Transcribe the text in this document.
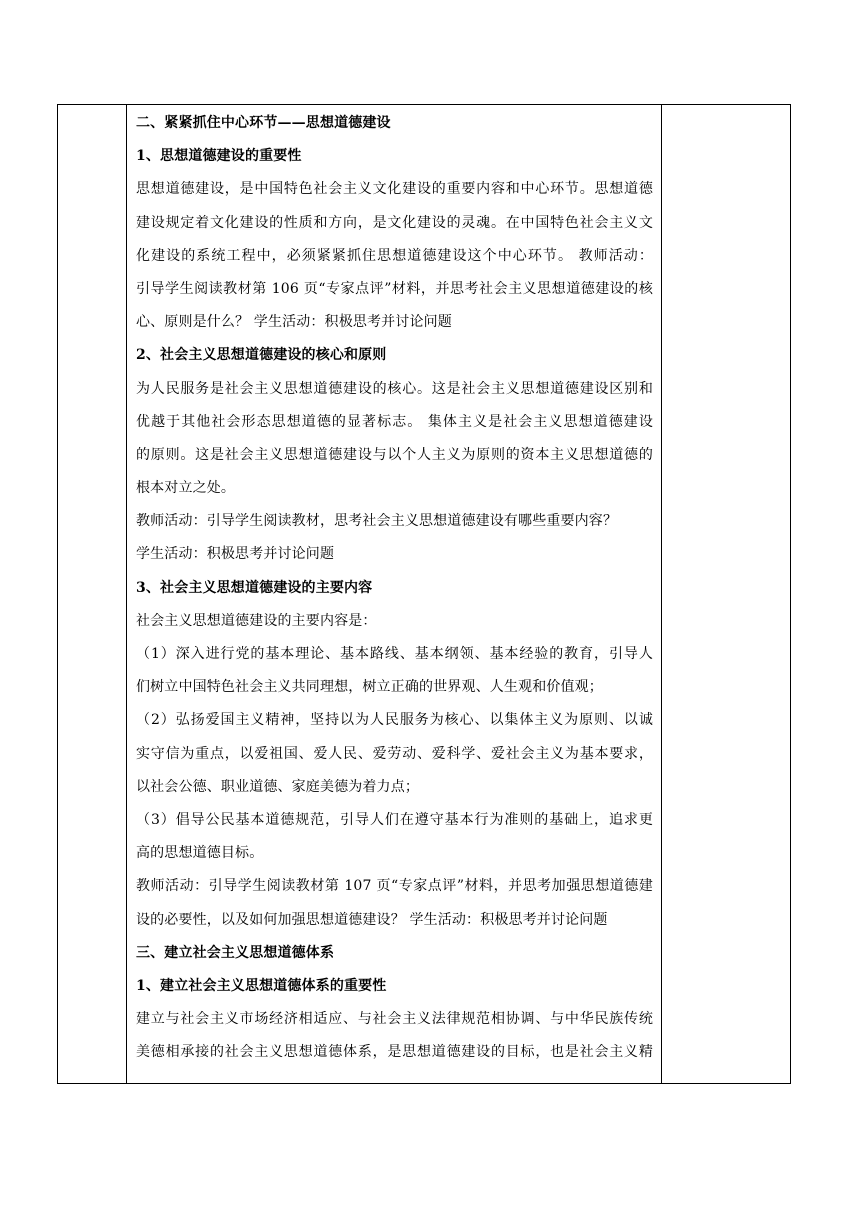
二、紧紧抓住中心环节——思想道德建设
1、思想道德建设的重要性
思想道德建设，是中国特色社会主义文化建设的重要内容和中心环节。思想道德
建设规定着文化建设的性质和方向，是文化建设的灵魂。在中国特色社会主义文
化建设的系统工程中，必须紧紧抓住思想道德建设这个中心环节。 教师活动：
引导学生阅读教材第 106 页“专家点评”材料，并思考社会主义思想道德建设的核
心、原则是什么？ 学生活动：积极思考并讨论问题
2、社会主义思想道德建设的核心和原则
为人民服务是社会主义思想道德建设的核心。这是社会主义思想道德建设区别和
优越于其他社会形态思想道德的显著标志。 集体主义是社会主义思想道德建设
的原则。这是社会主义思想道德建设与以个人主义为原则的资本主义思想道德的
根本对立之处。
教师活动：引导学生阅读教材，思考社会主义思想道德建设有哪些重要内容？
学生活动：积极思考并讨论问题
3、社会主义思想道德建设的主要内容
社会主义思想道德建设的主要内容是：
（1）深入进行党的基本理论、基本路线、基本纲领、基本经验的教育，引导人
们树立中国特色社会主义共同理想，树立正确的世界观、人生观和价值观；
（2）弘扬爱国主义精神，坚持以为人民服务为核心、以集体主义为原则、以诚
实守信为重点，以爱祖国、爱人民、爱劳动、爱科学、爱社会主义为基本要求，
以社会公德、职业道德、家庭美德为着力点；
（3）倡导公民基本道德规范，引导人们在遵守基本行为准则的基础上，追求更
高的思想道德目标。
教师活动：引导学生阅读教材第 107 页“专家点评”材料，并思考加强思想道德建
设的必要性，以及如何加强思想道德建设？ 学生活动：积极思考并讨论问题
三、建立社会主义思想道德体系
1、建立社会主义思想道德体系的重要性
建立与社会主义市场经济相适应、与社会主义法律规范相协调、与中华民族传统
美德相承接的社会主义思想道德体系，是思想道德建设的目标，也是社会主义精
